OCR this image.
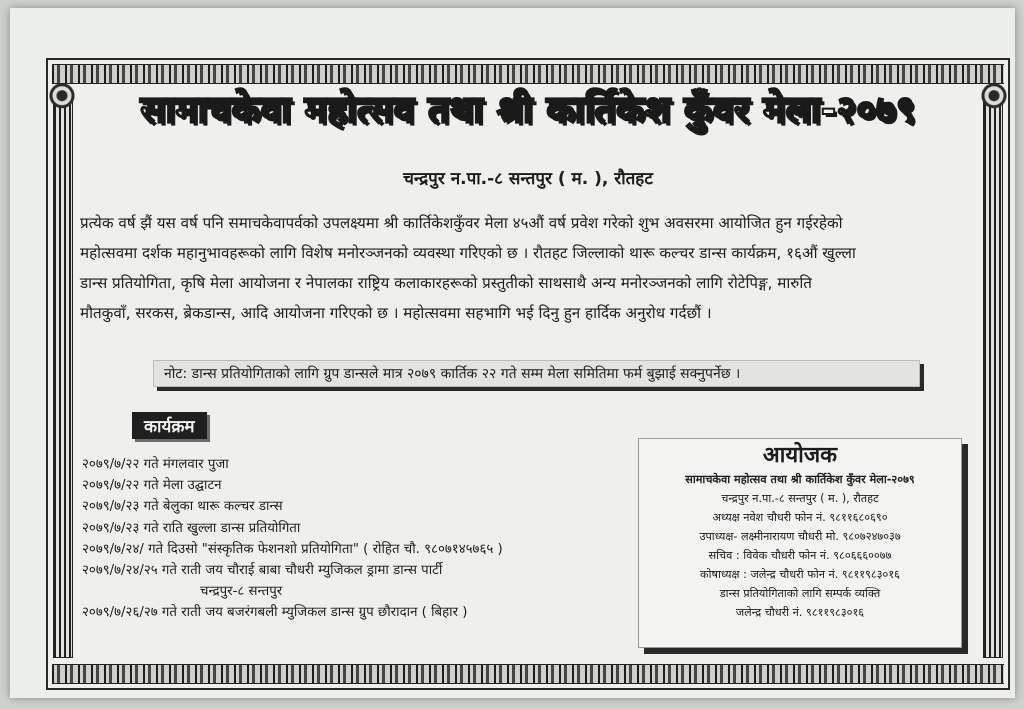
सामाचकेवा महोत्सव तथा श्री कार्तिकेश कुँवर मेला-२०७९
चन्द्रपुर न.पा.-८ सन्तपुर ( म. ), रौतहट
प्रत्येक वर्ष झैं यस वर्ष पनि समाचकेवापर्वको उपलक्ष्यमा श्री कार्तिकेशकुँवर मेला ४५औं वर्ष प्रवेश गरेको शुभ अवसरमा आयोजित हुन गईरहेको
महोत्सवमा दर्शक महानुभावहरूको लागि विशेष मनोरञ्जनको व्यवस्था गरिएको छ । रौतहट जिल्लाको थारू कल्चर डान्स कार्यक्रम, १६औं खुल्ला
डान्स प्रतियोगिता, कृषि मेला आयोजना र नेपालका राष्ट्रिय कलाकारहरूको प्रस्तुतीको साथसाथै अन्य मनोरञ्जनको लागि रोटेपिङ्ग, मारुति
मौतकुवाँ, सरकस, ब्रेकडान्स, आदि आयोजना गरिएको छ । महोत्सवमा सहभागि भई दिनु हुन हार्दिक अनुरोध गर्दछौं ।
नोट: डान्स प्रतियोगिताको लागि ग्रुप डान्सले मात्र २०७९ कार्तिक २२ गते सम्म मेला समितिमा फर्म बुझाई सक्नुपर्नेछ ।
कार्यक्रम
२०७९/७/२२ गते मंगलवार पुजा
२०७९/७/२२ गते मेला उद्घाटन
२०७९/७/२३ गते बेलुका थारू कल्चर डान्स
२०७९/७/२३ गते राति खुल्ला डान्स प्रतियोगिता
२०७९/७/२४/ गते दिउसो "संस्कृतिक फेशनशो प्रतियोगिता" ( रोहित चौ. ९८०७१४५७६५ )
२०७९/७/२४/२५ गते राती जय चौराई बाबा चौधरी म्युजिकल ड्रामा डान्स पार्टी
चन्द्रपुर-८ सन्तपुर
२०७९/७/२६/२७ गते राती जय बजरंगबली म्युजिकल डान्स ग्रुप छौरादान ( बिहार )
आयोजक
सामाचकेवा महोत्सव तथा श्री कार्तिकेश कुँवर मेला-२०७९
चन्द्रपुर न.पा.-८ सन्तपुर ( म. ), रौतहट
अध्यक्ष नवेश चौधरी फोन नं. ९८११६८०६९०
उपाध्यक्ष- लक्ष्मीनारायण चौधरी मो. ९८०७२४७०३७
सचिव : विवेक चौधरी फोन नं. ९८०६६६००७७
कोषाध्यक्ष : जलेन्द्र चौधरी फोन नं. ९८११९८३०१६
डान्स प्रतियोगिताको लागि सम्पर्क व्यक्ति
जलेन्द्र चौधरी नं. ९८११९८३०१६
